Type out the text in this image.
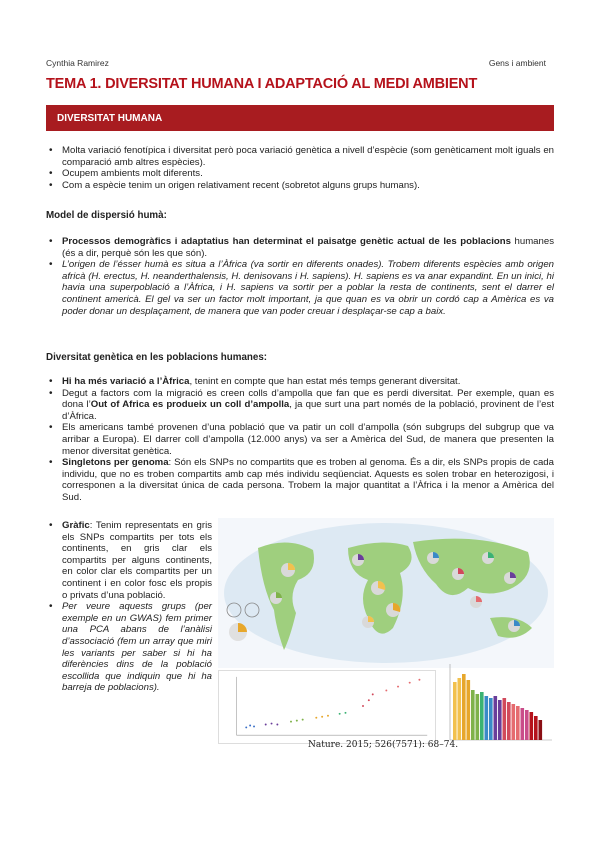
Cynthia Ramirez	Gens i ambient
TEMA 1. DIVERSITAT HUMANA I ADAPTACIÓ AL MEDI AMBIENT
DIVERSITAT HUMANA
• Molta variació fenotípica i diversitat però poca variació genètica a nivell d’espècie (som genèticament molt iguals en comparació amb altres espècies).
• Ocupem ambients molt diferents.
• Com a espècie tenim un origen relativament recent (sobretot alguns grups humans).
Model de dispersió humà:
• Processos demogràfics i adaptatius han determinat el paisatge genètic actual de les poblacions humanes (és a dir, perquè són les que són).
• L’origen de l’ésser humà es situa a l’Àfrica (va sortir en diferents onades). Trobem diferents espècies amb origen africà (H. erectus, H. neanderthalensis, H. denisovans i H. sapiens). H. sapiens es va anar expandint. En un inici, hi havia una superpoblació a l’Àfrica, i H. sapiens va sortir per a poblar la resta de continents, sent el darrer el continent americà. El gel va ser un factor molt important, ja que quan es va obrir un cordó cap a Amèrica es va poder donar un desplaçament, de manera que van poder creuar i desplaçar-se cap a baix.
Diversitat genètica en les poblacions humanes:
• Hi ha més variació a l’Àfrica, tenint en compte que han estat més temps generant diversitat.
• Degut a factors com la migració es creen colls d’ampolla que fan que es perdi diversitat. Per exemple, quan es dona l’Out of Africa es produeix un coll d’ampolla, ja que surt una part només de la població, provinent de l’est d’Àfrica.
• Els americans també provenen d’una població que va patir un coll d’ampolla (són subgrups del subgrup que va arribar a Europa). El darrer coll d’ampolla (12.000 anys) va ser a Amèrica del Sud, de manera que presenten la menor diversitat genètica.
• Singletons per genoma: Són els SNPs no compartits que es troben al genoma. És a dir, els SNPs propis de cada individu, que no es troben compartits amb cap més individu seqüenciat. Aquests es solen trobar en heterozigosi, i corresponen a la diversitat única de cada persona. Trobem la major quantitat a l’Àfrica i la menor a Amèrica del Sud.
• Gràfic: Tenim representats en gris els SNPs compartits per tots els continents, en gris clar els compartits per alguns continents, en color clar els compartits per un continent i en color fosc els propis o privats d’una població.
• Per veure aquests grups (per exemple en un GWAS) fem primer una PCA abans de l’anàlisi d’associació (fem un array que miri les variants per saber si hi ha diferències dins de la població escollida que indiquin que hi ha barreja de poblacions).
Nature. 2015; 526(7571): 68–74.
